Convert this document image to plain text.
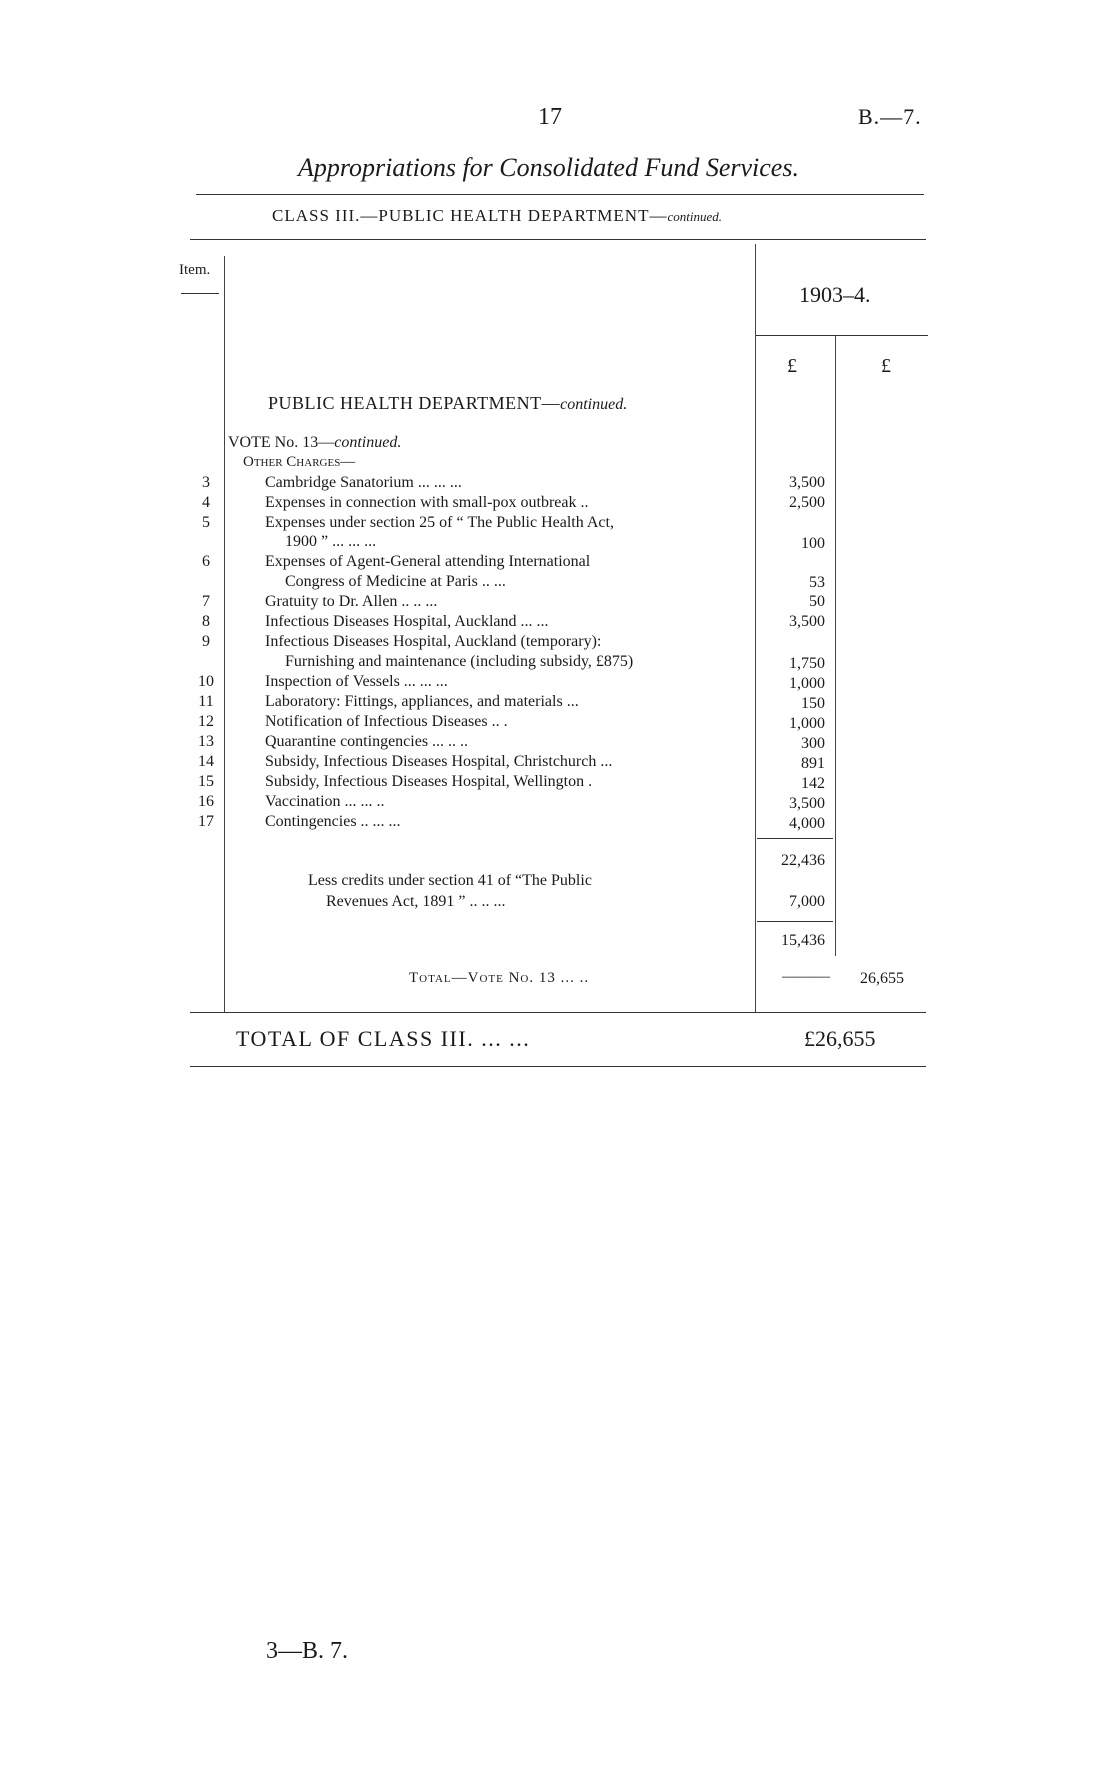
17	B.—7.
Appropriations for Consolidated Fund Services.
CLASS III.—PUBLIC HEALTH DEPARTMENT—continued.
Item.
1903–4.
£	£
PUBLIC HEALTH DEPARTMENT—continued.
VOTE No. 13—continued.
Other Charges—
3	Cambridge Sanatorium ... ... ...	3,500
4	Expenses in connection with small-pox outbreak ..	2,500
5	Expenses under section 25 of “ The Public Health Act,
1900 ” ... ... ...	100
6	Expenses of Agent-General attending International
Congress of Medicine at Paris .. ...	53
7	Gratuity to Dr. Allen .. .. ...	50
8	Infectious Diseases Hospital, Auckland ... ...	3,500
9	Infectious Diseases Hospital, Auckland (temporary):
Furnishing and maintenance (including subsidy, £875)	1,750
10	Inspection of Vessels ... ... ...	1,000
11	Laboratory: Fittings, appliances, and materials ...	150
12	Notification of Infectious Diseases .. .	1,000
13	Quarantine contingencies ... .. ..	300
14	Subsidy, Infectious Diseases Hospital, Christchurch ...	891
15	Subsidy, Infectious Diseases Hospital, Wellington .	142
16	Vaccination ... ... ..	3,500
17	Contingencies .. ... ...	4,000
22,436
Less credits under section 41 of “The Public
Revenues Act, 1891 ” .. .. ...	7,000
15,436
Total—Vote No. 13 ... ..	——— 26,655
TOTAL OF CLASS III. ... ...	£26,655
3—B. 7.
